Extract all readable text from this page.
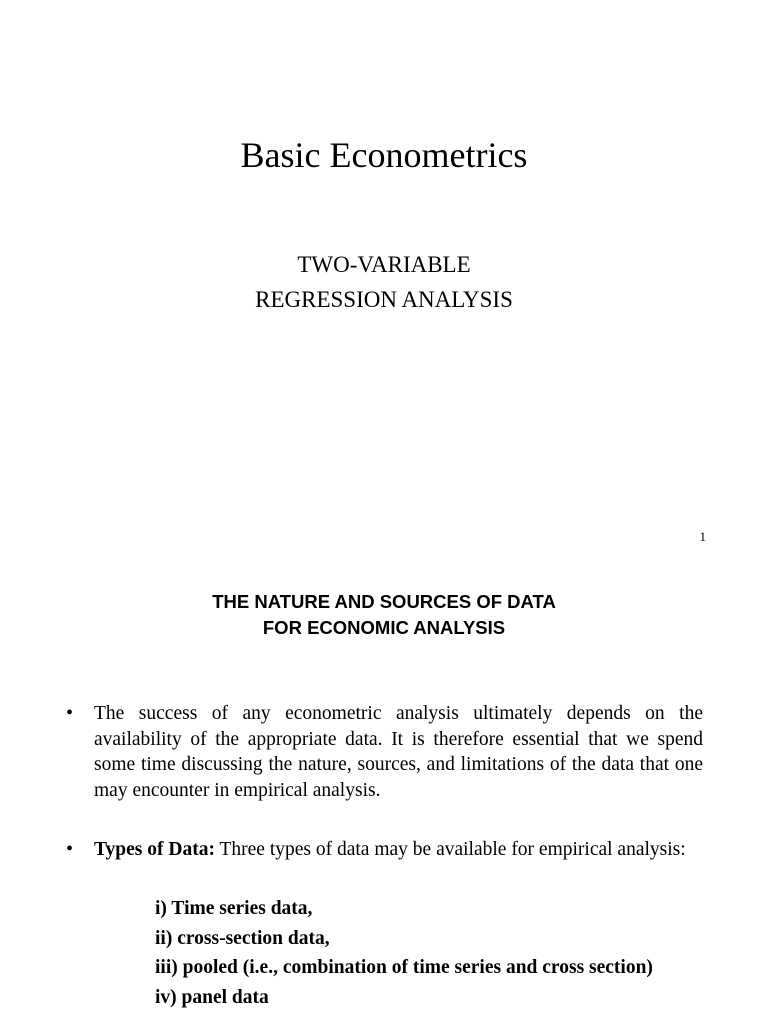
Basic Econometrics
TWO-VARIABLE
REGRESSION ANALYSIS
1
THE NATURE AND SOURCES OF DATA
FOR ECONOMIC ANALYSIS
• The success of any econometric analysis ultimately depends on the availability of the appropriate data. It is therefore essential that we spend some time discussing the nature, sources, and limitations of the data that one may encounter in empirical analysis.
• Types of Data: Three types of data may be available for empirical analysis:
i) Time series data,
ii) cross-section data,
iii) pooled (i.e., combination of time series and cross section)
iv) panel data
